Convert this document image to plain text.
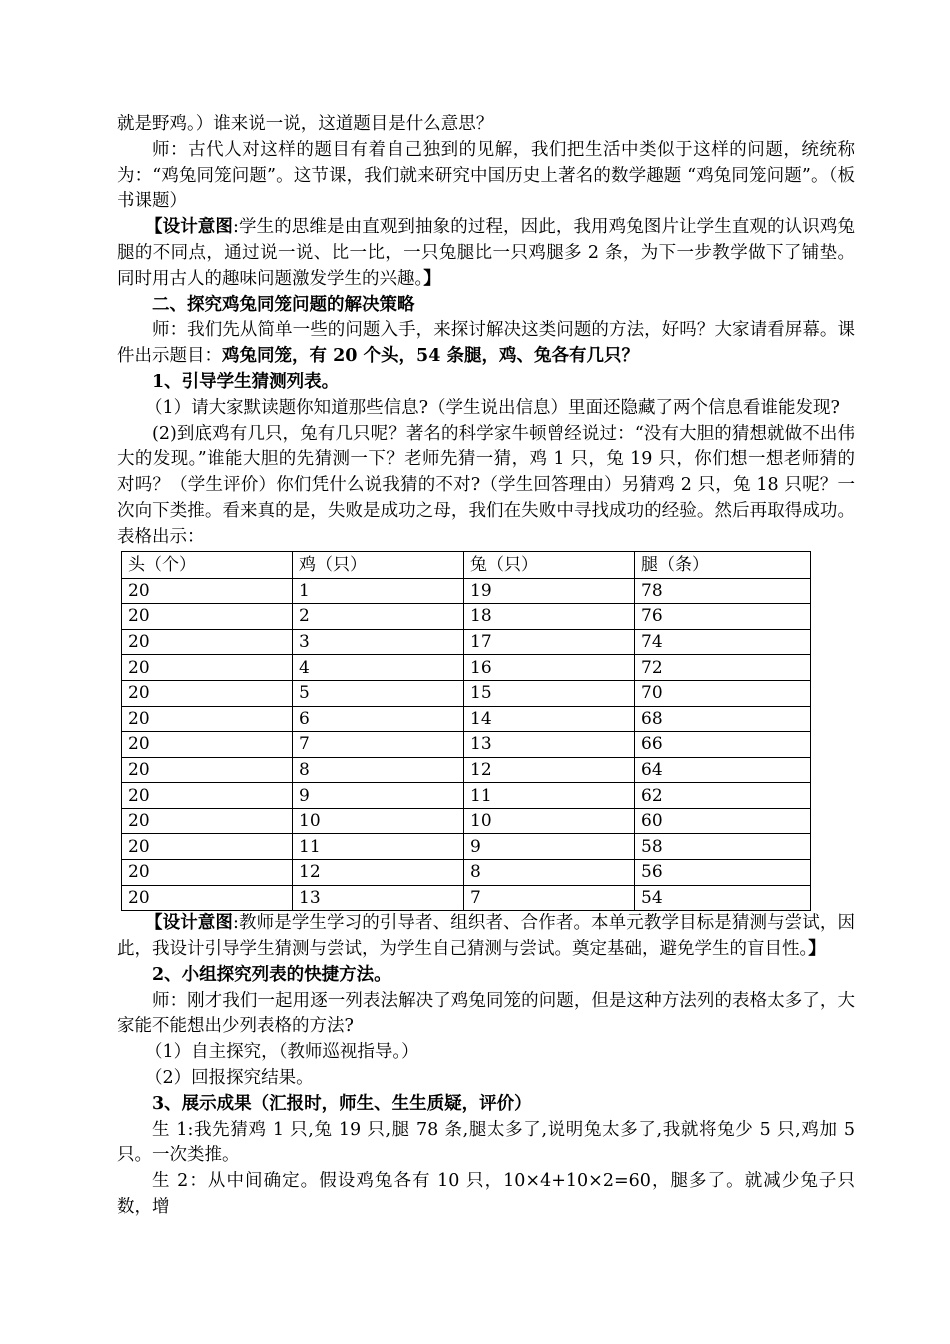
就是野鸡。）谁来说一说，这道题目是什么意思？

师：古代人对这样的题目有着自己独到的见解，我们把生活中类似于这样的问题，统统称为：“鸡兔同笼问题”。这节课，我们就来研究中国历史上著名的数学趣题 “鸡兔同笼问题”。（板书课题）

【设计意图:学生的思维是由直观到抽象的过程，因此，我用鸡兔图片让学生直观的认识鸡兔腿的不同点，通过说一说、比一比，一只兔腿比一只鸡腿多 2 条，为下一步教学做下了铺垫。同时用古人的趣味问题激发学生的兴趣。】

二、探究鸡兔同笼问题的解决策略

师：我们先从简单一些的问题入手，来探讨解决这类问题的方法，好吗？大家请看屏幕。课件出示题目：鸡兔同笼，有 20 个头，54 条腿，鸡、兔各有几只？

1、引导学生猜测列表。

（1）请大家默读题你知道那些信息?（学生说出信息）里面还隐藏了两个信息看谁能发现?

(2)到底鸡有几只，兔有几只呢？著名的科学家牛顿曾经说过：“没有大胆的猜想就做不出伟大的发现。”谁能大胆的先猜测一下？老师先猜一猜，鸡 1 只，兔 19 只，你们想一想老师猜的对吗？（学生评价）你们凭什么说我猜的不对?（学生回答理由）另猜鸡 2 只，兔 18 只呢？一次向下类推。看来真的是，失败是成功之母，我们在失败中寻找成功的经验。然后再取得成功。表格出示：

头（个）	鸡（只）	兔（只）	腿（条）
20	1	19	78
20	2	18	76
20	3	17	74
20	4	16	72
20	5	15	70
20	6	14	68
20	7	13	66
20	8	12	64
20	9	11	62
20	10	10	60
20	11	9	58
20	12	8	56
20	13	7	54

【设计意图:教师是学生学习的引导者、组织者、合作者。本单元教学目标是猜测与尝试，因此，我设计引导学生猜测与尝试，为学生自己猜测与尝试。奠定基础，避免学生的盲目性。】

2、小组探究列表的快捷方法。

师：刚才我们一起用逐一列表法解决了鸡兔同笼的问题，但是这种方法列的表格太多了，大家能不能想出少列表格的方法?

（1）自主探究，（教师巡视指导。）

（2）回报探究结果。

3、展示成果（汇报时，师生、生生质疑，评价）

生 1:我先猜鸡 1 只,兔 19 只,腿 78 条,腿太多了,说明兔太多了,我就将兔少 5 只,鸡加 5 只。一次类推。

生 2：从中间确定。假设鸡兔各有 10 只，10×4+10×2=60，腿多了。就减少兔子只数，增
